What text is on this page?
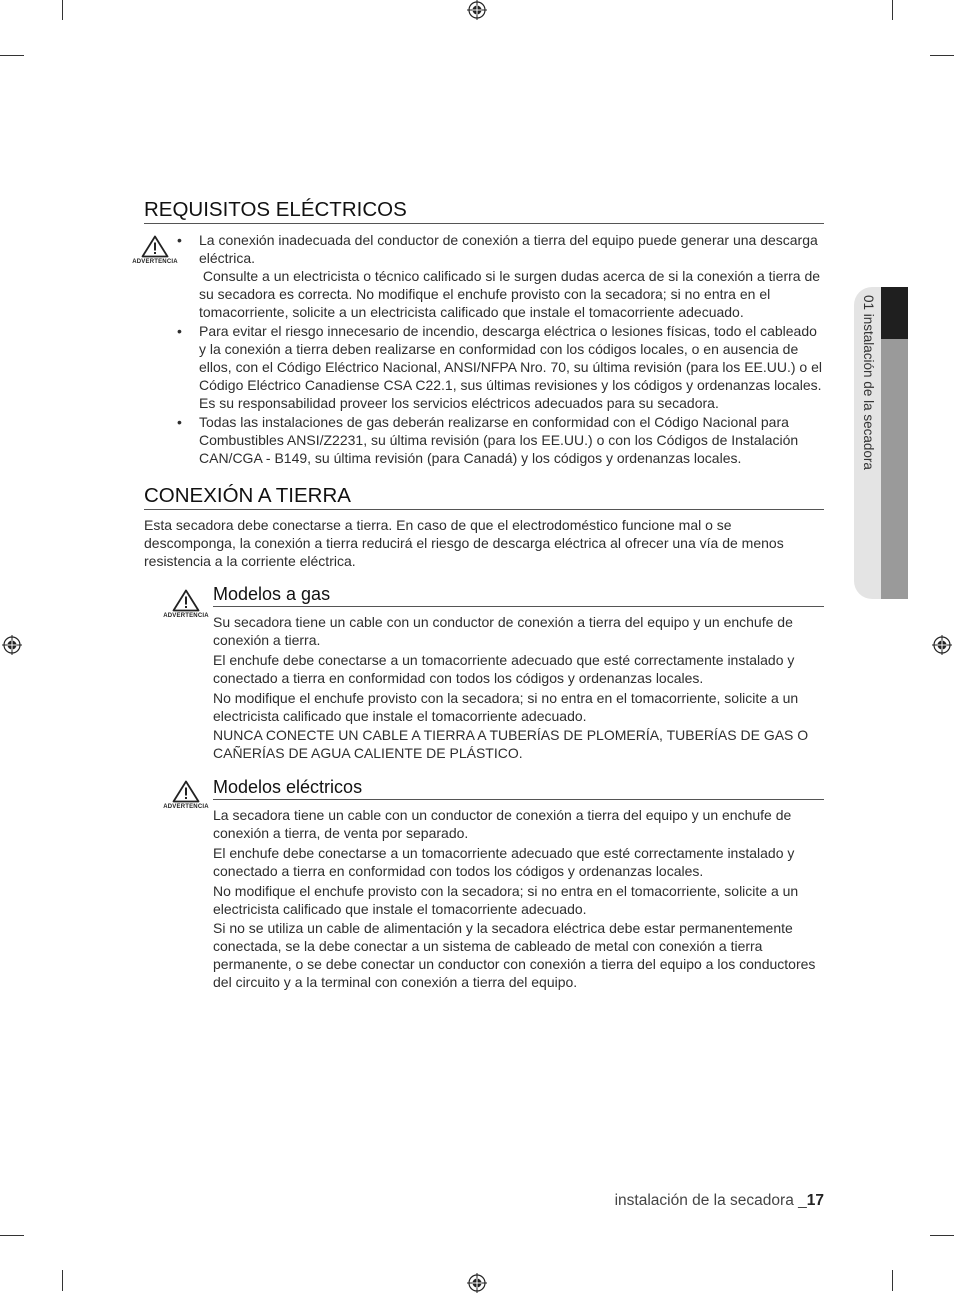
01 instalación de la secadora
REQUISITOS ELÉCTRICOS
ADVERTENCIA
• La conexión inadecuada del conductor de conexión a tierra del equipo puede generar una descarga eléctrica.
Consulte a un electricista o técnico calificado si le surgen dudas acerca de si la conexión a tierra de su secadora es correcta. No modifique el enchufe provisto con la secadora; si no entra en el tomacorriente, solicite a un electricista calificado que instale el tomacorriente adecuado.
• Para evitar el riesgo innecesario de incendio, descarga eléctrica o lesiones físicas, todo el cableado y la conexión a tierra deben realizarse en conformidad con los códigos locales, o en ausencia de ellos, con el Código Eléctrico Nacional, ANSI/NFPA Nro. 70, su última revisión (para los EE.UU.) o el Código Eléctrico Canadiense CSA C22.1, sus últimas revisiones y los códigos y ordenanzas locales. Es su responsabilidad proveer los servicios eléctricos adecuados para su secadora.
• Todas las instalaciones de gas deberán realizarse en conformidad con el Código Nacional para Combustibles ANSI/Z2231, su última revisión (para los EE.UU.) o con los Códigos de Instalación CAN/CGA - B149, su última revisión (para Canadá) y los códigos y ordenanzas locales.
CONEXIÓN A TIERRA
Esta secadora debe conectarse a tierra. En caso de que el electrodoméstico funcione mal o se descomponga, la conexión a tierra reducirá el riesgo de descarga eléctrica al ofrecer una vía de menos resistencia a la corriente eléctrica.
ADVERTENCIA
Modelos a gas
Su secadora tiene un cable con un conductor de conexión a tierra del equipo y un enchufe de conexión a tierra.
El enchufe debe conectarse a un tomacorriente adecuado que esté correctamente instalado y conectado a tierra en conformidad con todos los códigos y ordenanzas locales.
No modifique el enchufe provisto con la secadora; si no entra en el tomacorriente, solicite a un electricista calificado que instale el tomacorriente adecuado.
NUNCA CONECTE UN CABLE A TIERRA A TUBERÍAS DE PLOMERÍA, TUBERÍAS DE GAS O CAÑERÍAS DE AGUA CALIENTE DE PLÁSTICO.
ADVERTENCIA
Modelos eléctricos
La secadora tiene un cable con un conductor de conexión a tierra del equipo y un enchufe de conexión a tierra, de venta por separado.
El enchufe debe conectarse a un tomacorriente adecuado que esté correctamente instalado y conectado a tierra en conformidad con todos los códigos y ordenanzas locales.
No modifique el enchufe provisto con la secadora; si no entra en el tomacorriente, solicite a un electricista calificado que instale el tomacorriente adecuado.
Si no se utiliza un cable de alimentación y la secadora eléctrica debe estar permanentemente conectada, se la debe conectar a un sistema de cableado de metal con conexión a tierra permanente, o se debe conectar un conductor con conexión a tierra del equipo a los conductores del circuito y a la terminal con conexión a tierra del equipo.
instalación de la secadora _17
